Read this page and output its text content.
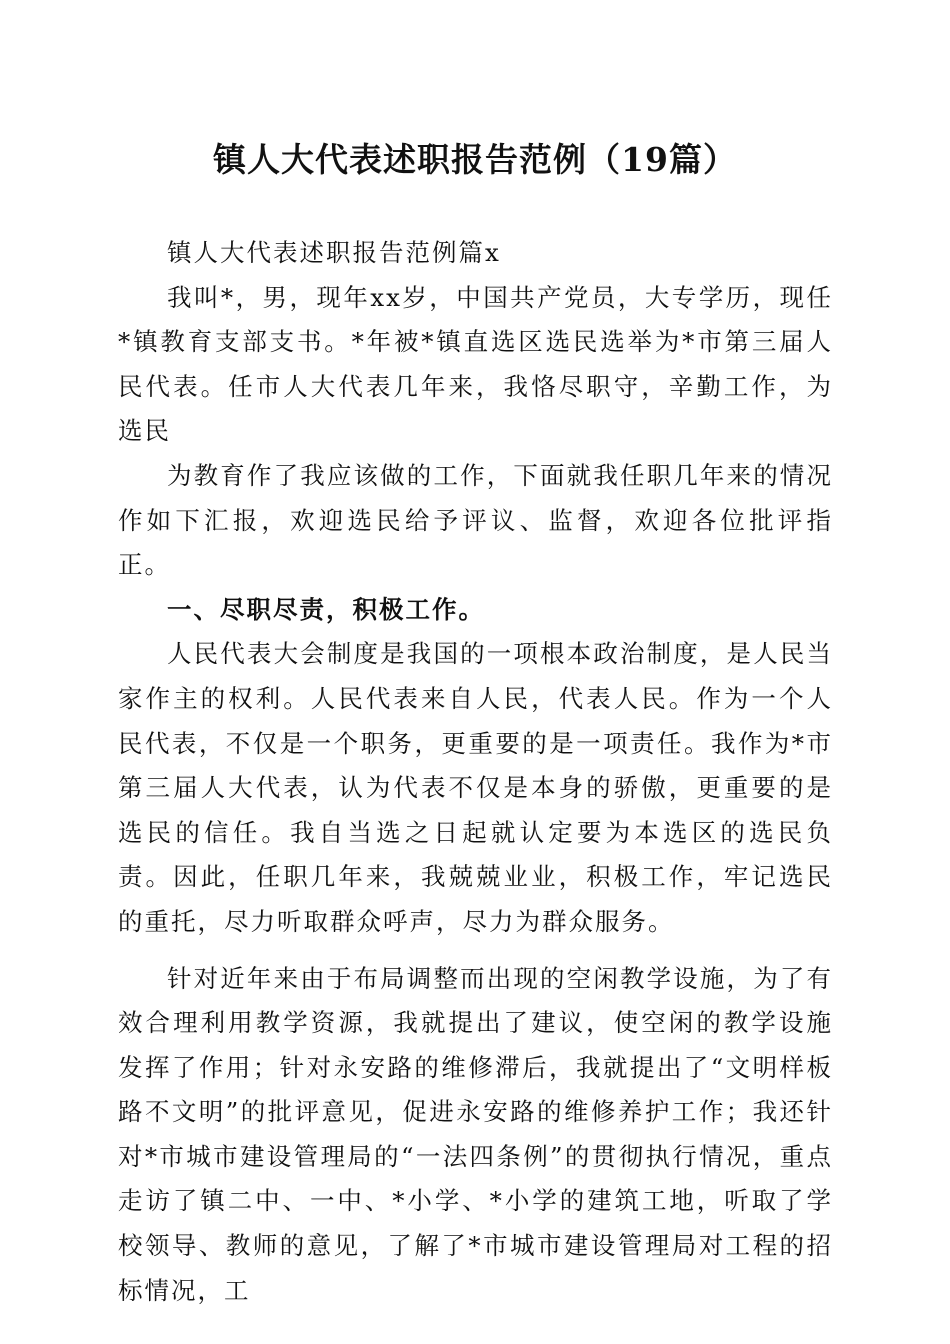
镇人大代表述职报告范例（19篇）

镇人大代表述职报告范例篇x

我叫*，男，现年xx岁，中国共产党员，大专学历，现任*镇教育支部支书。*年被*镇直选区选民选举为*市第三届人民代表。任市人大代表几年来，我恪尽职守，辛勤工作，为选民

为教育作了我应该做的工作，下面就我任职几年来的情况作如下汇报，欢迎选民给予评议、监督，欢迎各位批评指正。

一、尽职尽责，积极工作。

人民代表大会制度是我国的一项根本政治制度，是人民当家作主的权利。人民代表来自人民，代表人民。作为一个人民代表，不仅是一个职务，更重要的是一项责任。我作为*市第三届人大代表，认为代表不仅是本身的骄傲，更重要的是选民的信任。我自当选之日起就认定要为本选区的选民负责。因此，任职几年来，我兢兢业业，积极工作，牢记选民的重托，尽力听取群众呼声，尽力为群众服务。

针对近年来由于布局调整而出现的空闲教学设施，为了有效合理利用教学资源，我就提出了建议，使空闲的教学设施发挥了作用；针对永安路的维修滞后，我就提出了“文明样板路不文明”的批评意见，促进永安路的维修养护工作；我还针对*市城市建设管理局的“一法四条例”的贯彻执行情况，重点走访了镇二中、一中、*小学、*小学的建筑工地，听取了学校领导、教师的意见，了解了*市城市建设管理局对工程的招标情况，工
